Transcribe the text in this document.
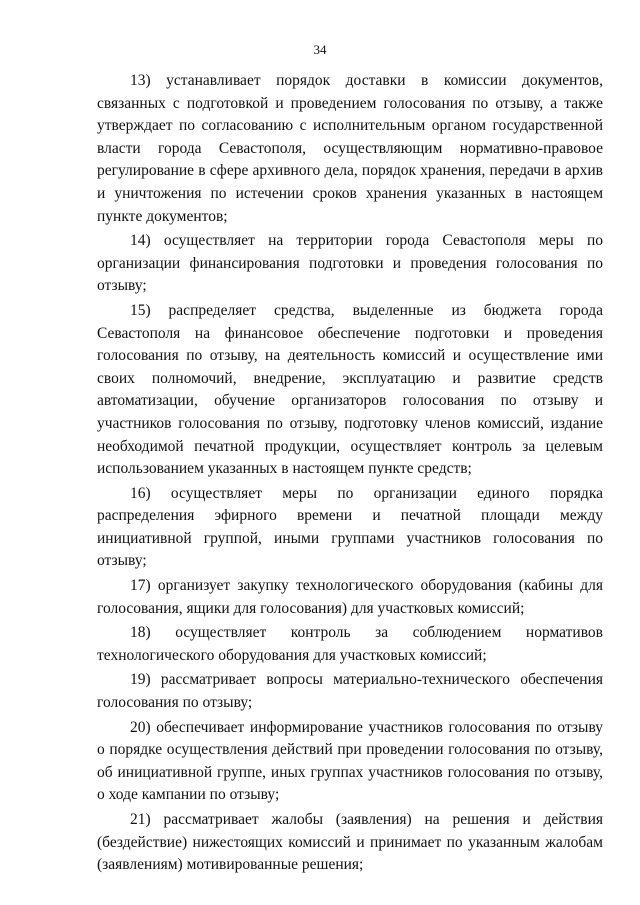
34

13) устанавливает порядок доставки в комиссии документов, связанных с подготовкой и проведением голосования по отзыву, а также утверждает по согласованию с исполнительным органом государственной власти города Севастополя, осуществляющим нормативно-правовое регулирование в сфере архивного дела, порядок хранения, передачи в архив и уничтожения по истечении сроков хранения указанных в настоящем пункте документов;

14) осуществляет на территории города Севастополя меры по организации финансирования подготовки и проведения голосования по отзыву;

15) распределяет средства, выделенные из бюджета города Севастополя на финансовое обеспечение подготовки и проведения голосования по отзыву, на деятельность комиссий и осуществление ими своих полномочий, внедрение, эксплуатацию и развитие средств автоматизации, обучение организаторов голосования по отзыву и участников голосования по отзыву, подготовку членов комиссий, издание необходимой печатной продукции, осуществляет контроль за целевым использованием указанных в настоящем пункте средств;

16) осуществляет меры по организации единого порядка распределения эфирного времени и печатной площади между инициативной группой, иными группами участников голосования по отзыву;

17) организует закупку технологического оборудования (кабины для голосования, ящики для голосования) для участковых комиссий;

18) осуществляет контроль за соблюдением нормативов технологического оборудования для участковых комиссий;

19) рассматривает вопросы материально-технического обеспечения голосования по отзыву;

20) обеспечивает информирование участников голосования по отзыву о порядке осуществления действий при проведении голосования по отзыву, об инициативной группе, иных группах участников голосования по отзыву, о ходе кампании по отзыву;

21) рассматривает жалобы (заявления) на решения и действия (бездействие) нижестоящих комиссий и принимает по указанным жалобам (заявлениям) мотивированные решения;
